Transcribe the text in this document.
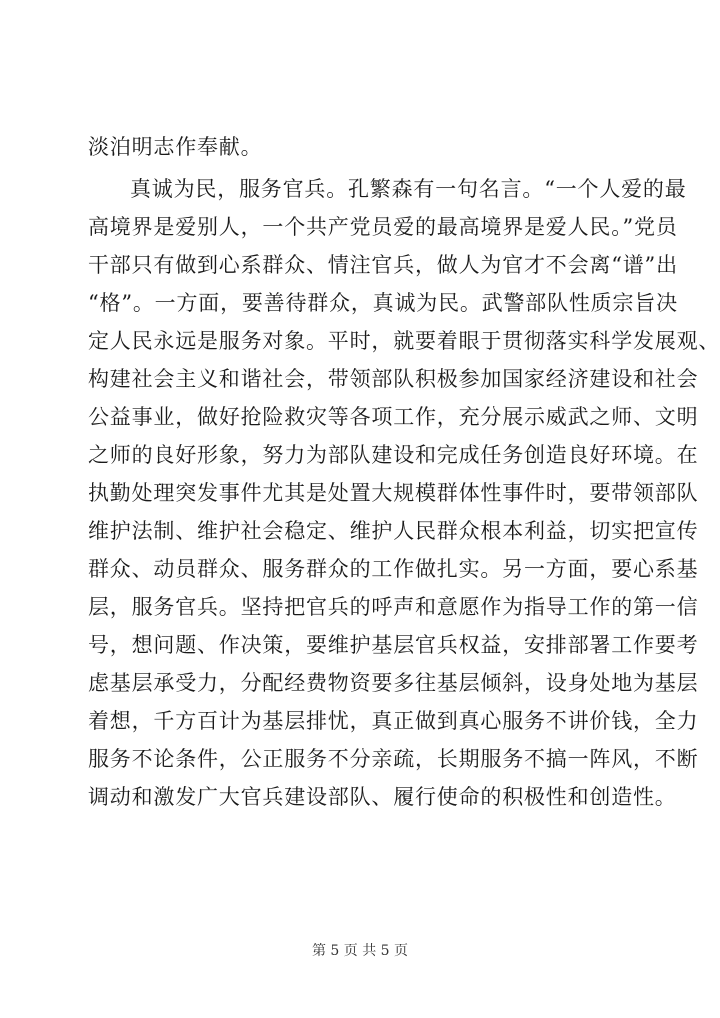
淡泊明志作奉献。
真诚为民，服务官兵。孔繁森有一句名言。“一个人爱的最
高境界是爱别人，一个共产党员爱的最高境界是爱人民。”党员
干部只有做到心系群众、情注官兵，做人为官才不会离“谱”出
“格”。一方面，要善待群众，真诚为民。武警部队性质宗旨决
定人民永远是服务对象。平时，就要着眼于贯彻落实科学发展观、
构建社会主义和谐社会，带领部队积极参加国家经济建设和社会
公益事业，做好抢险救灾等各项工作，充分展示威武之师、文明
之师的良好形象，努力为部队建设和完成任务创造良好环境。在
执勤处理突发事件尤其是处置大规模群体性事件时，要带领部队
维护法制、维护社会稳定、维护人民群众根本利益，切实把宣传
群众、动员群众、服务群众的工作做扎实。另一方面，要心系基
层，服务官兵。坚持把官兵的呼声和意愿作为指导工作的第一信
号，想问题、作决策，要维护基层官兵权益，安排部署工作要考
虑基层承受力，分配经费物资要多往基层倾斜，设身处地为基层
着想，千方百计为基层排忧，真正做到真心服务不讲价钱，全力
服务不论条件，公正服务不分亲疏，长期服务不搞一阵风，不断
调动和激发广大官兵建设部队、履行使命的积极性和创造性。
第 5 页 共 5 页
